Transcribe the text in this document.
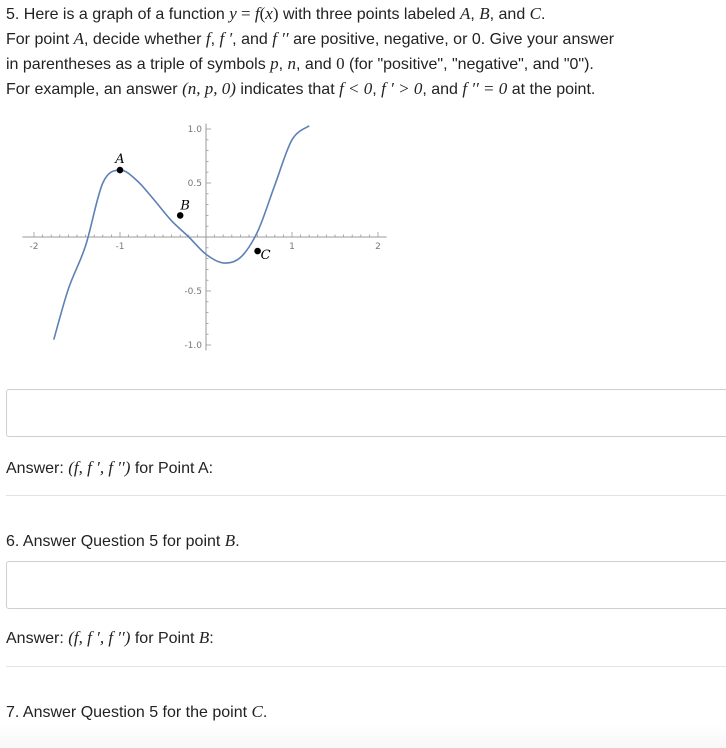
5. Here is a graph of a function y = f(x) with three points labeled A, B, and C.

For point A, decide whether f, f ′, and f ′′ are positive, negative, or 0. Give your answer

in parentheses as a triple of symbols p, n, and 0 (for "positive", "negative", and "0").

For example, an answer (n, p, 0) indicates that f < 0, f ′ > 0, and f ′′ = 0 at the point.

-2	-1	1	2
1.0
0.5
-0.5
-1.0
A
B
C

Answer: (f, f ′, f ′′) for Point A:

6. Answer Question 5 for point B.

Answer: (f, f ′, f ′′) for Point B:

7. Answer Question 5 for the point C.
